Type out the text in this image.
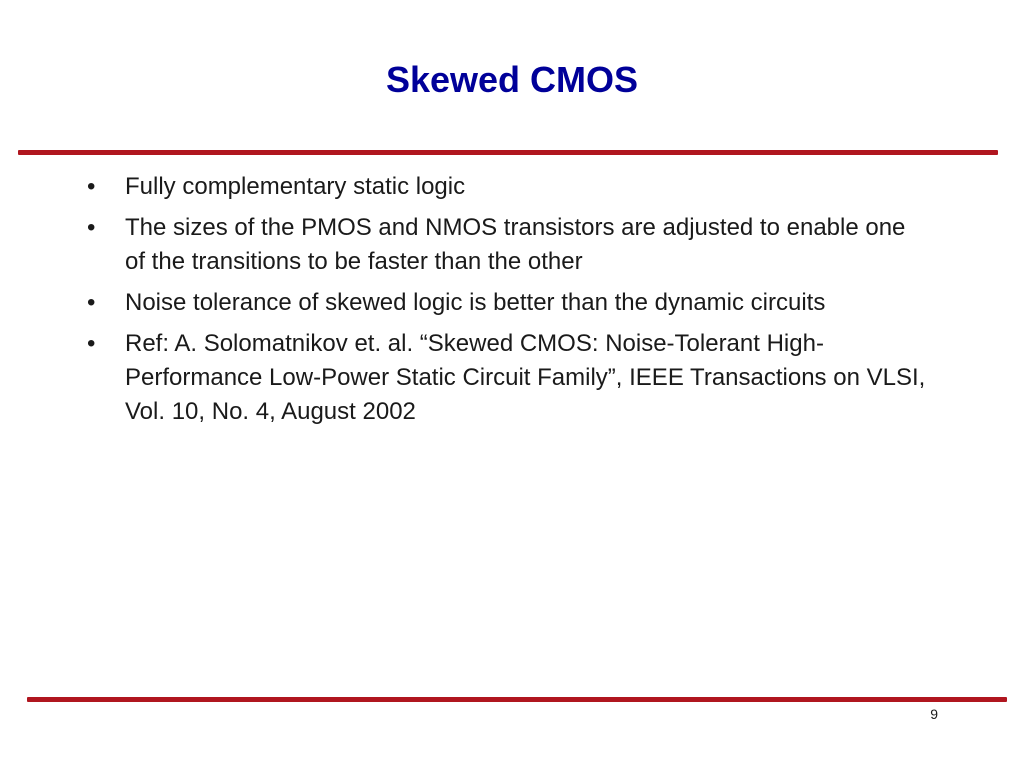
Skewed CMOS
•	Fully complementary static logic
•	The sizes of the PMOS and NMOS transistors are adjusted to enable one of the transitions to be faster than the other
•	Noise tolerance of skewed logic is better than the dynamic circuits
•	Ref: A. Solomatnikov et. al. “Skewed CMOS: Noise-Tolerant High-Performance Low-Power Static Circuit Family”, IEEE Transactions on VLSI, Vol. 10, No. 4, August 2002
9
